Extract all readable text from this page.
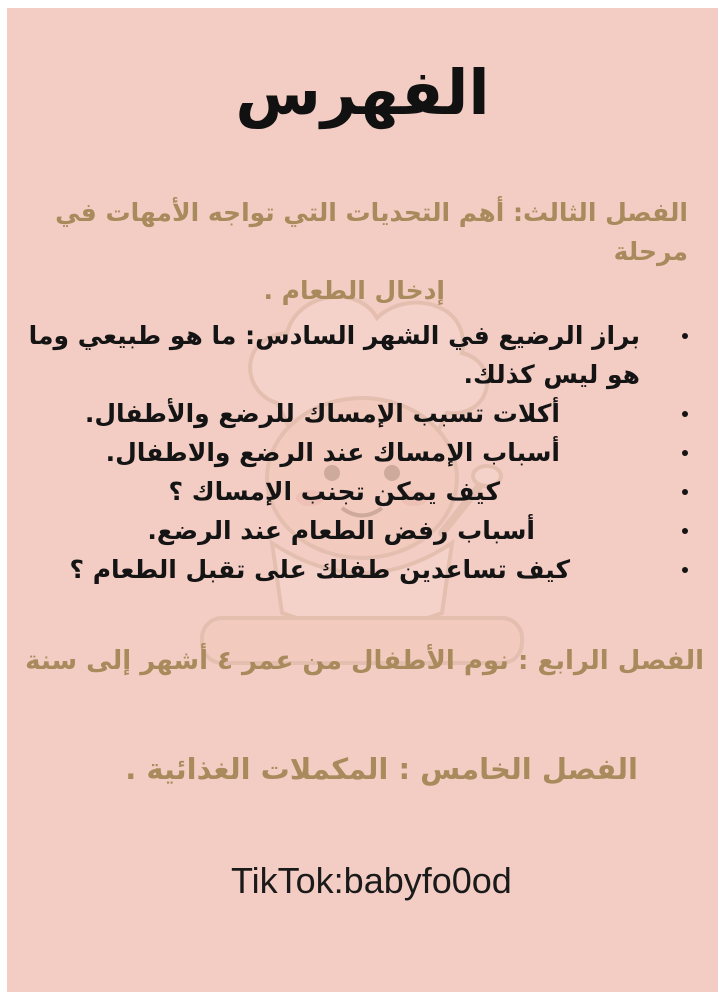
الفهرس

الفصل الثالث: أهم التحديات التي تواجه الأمهات في مرحلة
إدخال الطعام .

براز الرضيع في الشهر السادس: ما هو طبيعي وما هو ليس كذلك.
أكلات تسبب الإمساك للرضع والأطفال.
أسباب الإمساك عند الرضع والاطفال.
كيف يمكن تجنب الإمساك ؟
أسباب رفض الطعام عند الرضع.
كيف تساعدين طفلك على تقبل الطعام ؟

الفصل الرابع : نوم الأطفال من عمر ٤ أشهر إلى سنة

الفصل الخامس : المكملات الغذائية .

TikTok:babyfo0od
